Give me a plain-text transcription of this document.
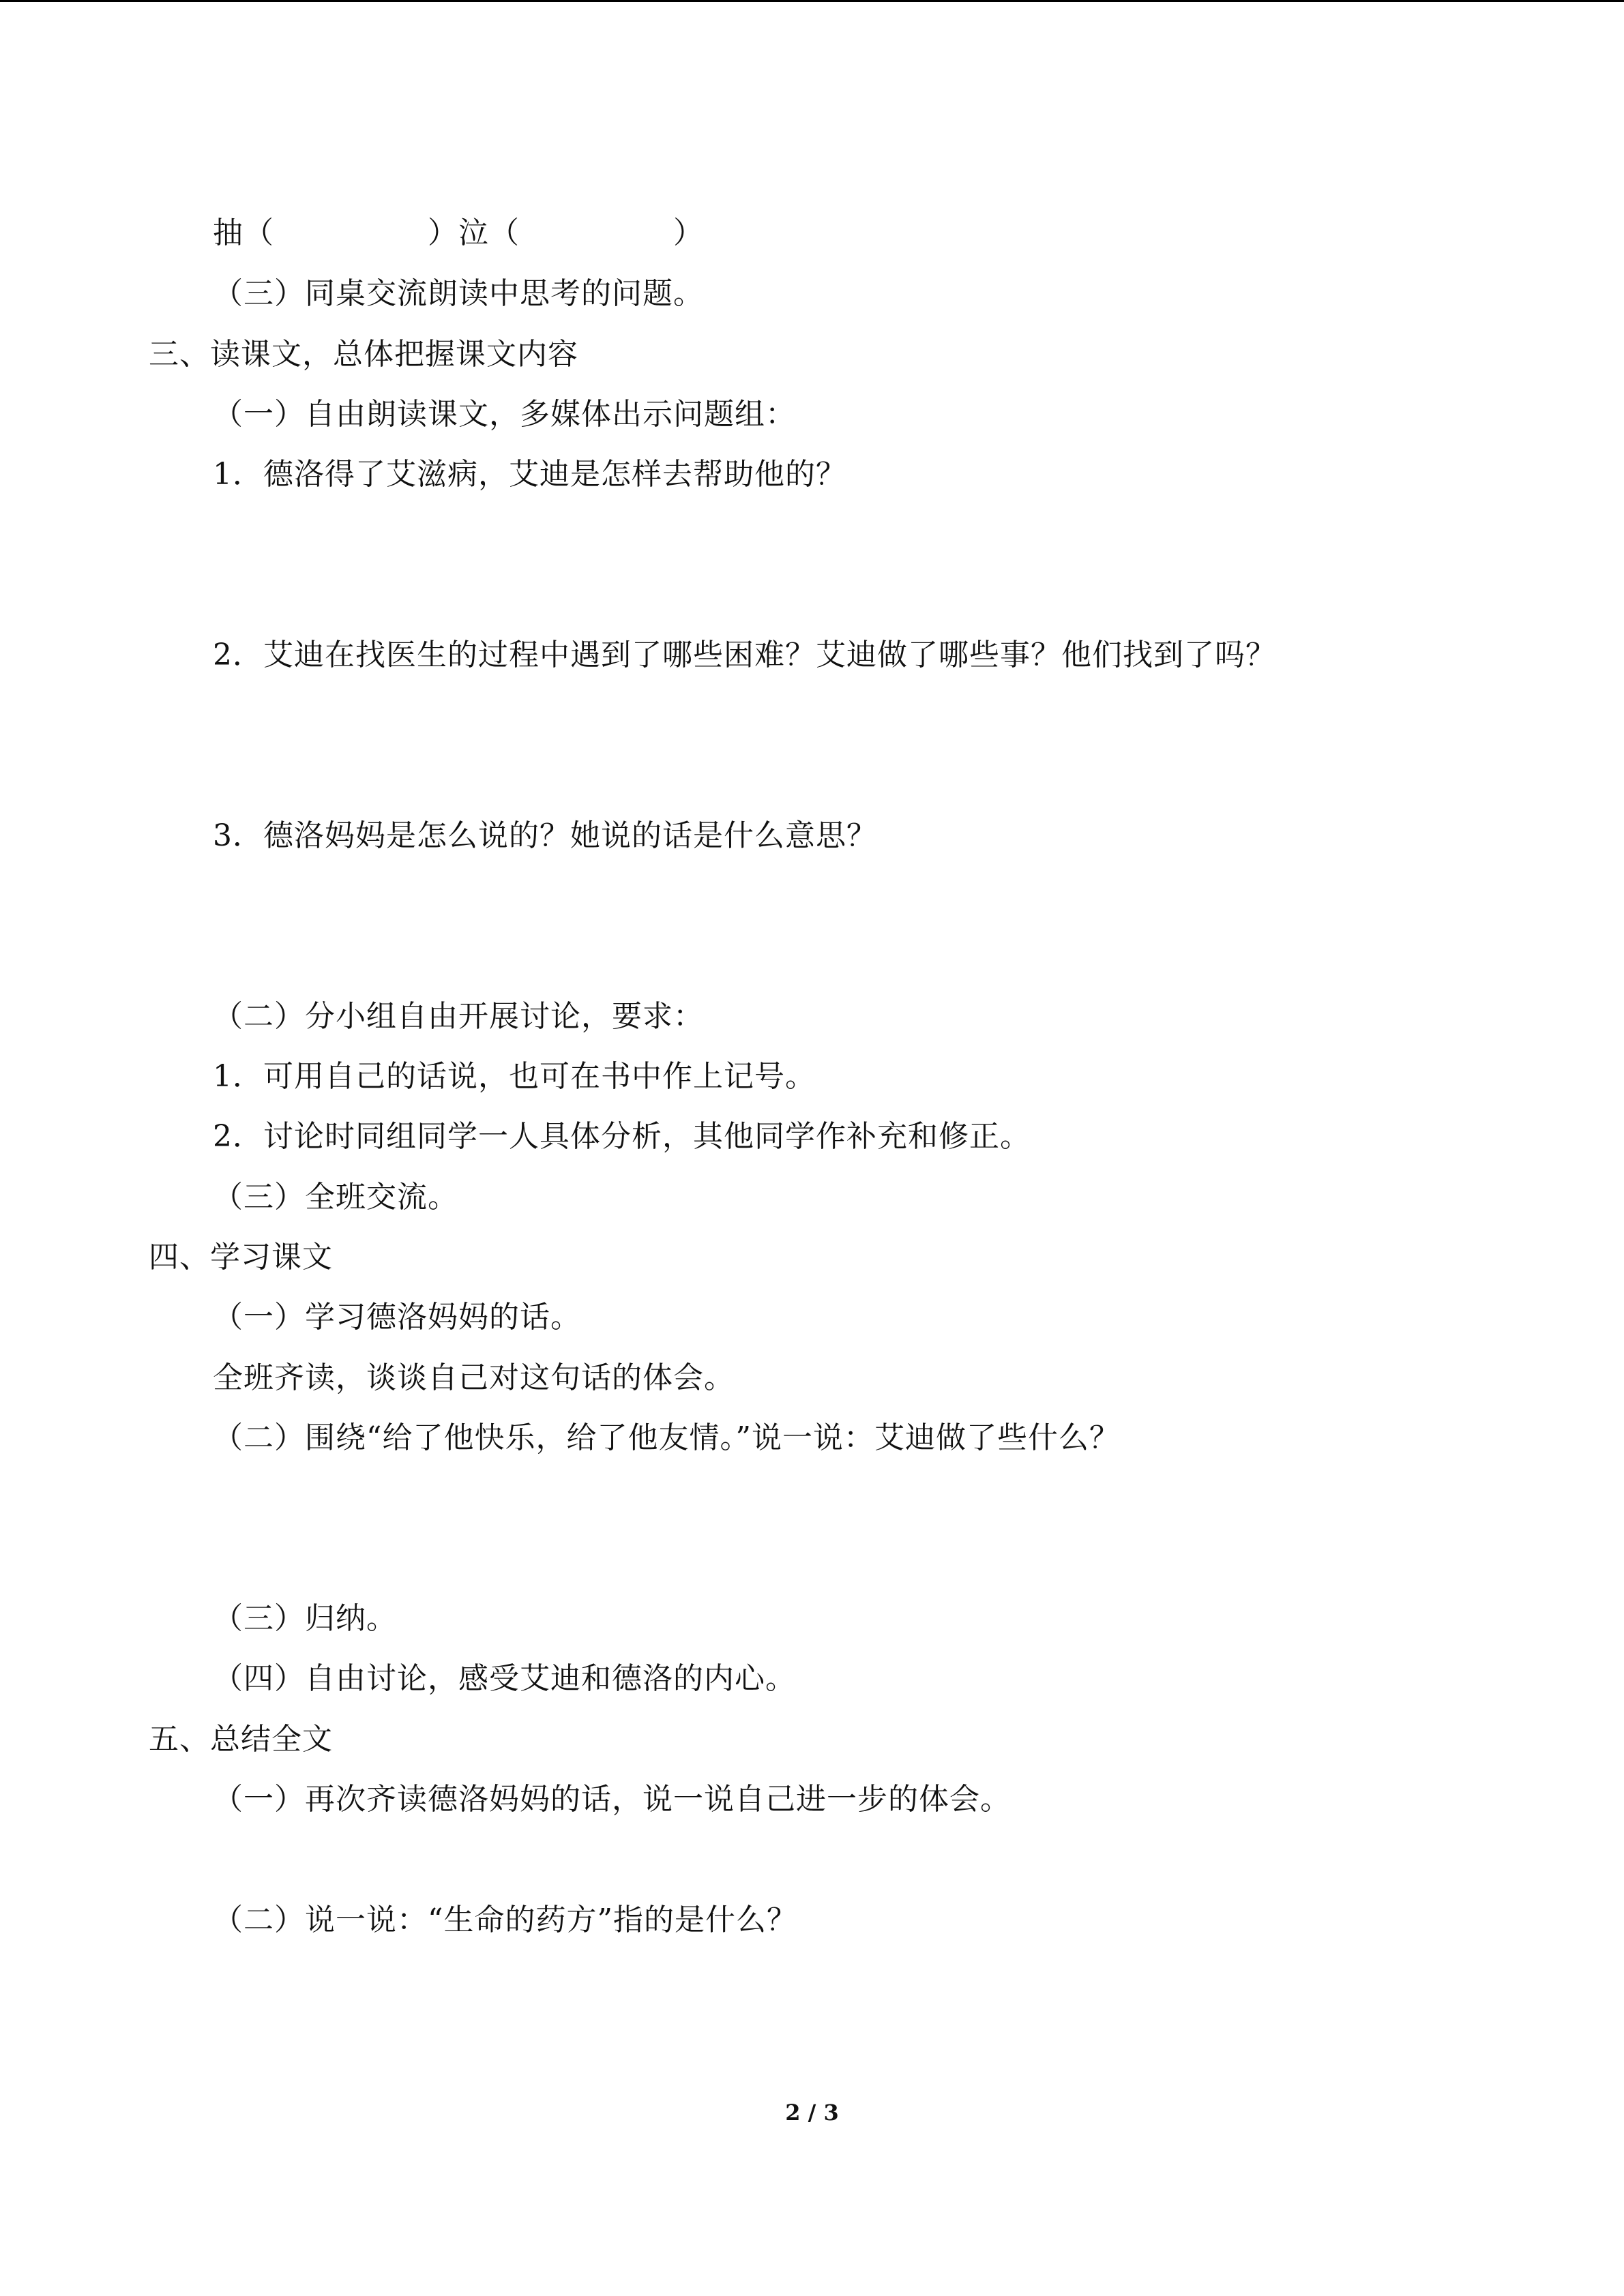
抽（　　　　　）泣（　　　　　）
（三）同桌交流朗读中思考的问题。
三、读课文，总体把握课文内容
（一）自由朗读课文，多媒体出示问题组：
1．德洛得了艾滋病，艾迪是怎样去帮助他的？
2．艾迪在找医生的过程中遇到了哪些困难？艾迪做了哪些事？他们找到了吗？
3．德洛妈妈是怎么说的？她说的话是什么意思？
（二）分小组自由开展讨论，要求：
1．可用自己的话说，也可在书中作上记号。
2．讨论时同组同学一人具体分析，其他同学作补充和修正。
（三）全班交流。
四、学习课文
（一）学习德洛妈妈的话。
全班齐读，谈谈自己对这句话的体会。
（二）围绕“给了他快乐，给了他友情。”说一说：艾迪做了些什么？
（三）归纳。
（四）自由讨论，感受艾迪和德洛的内心。
五、总结全文
（一）再次齐读德洛妈妈的话，说一说自己进一步的体会。
（二）说一说：“生命的药方”指的是什么？
2 / 3
